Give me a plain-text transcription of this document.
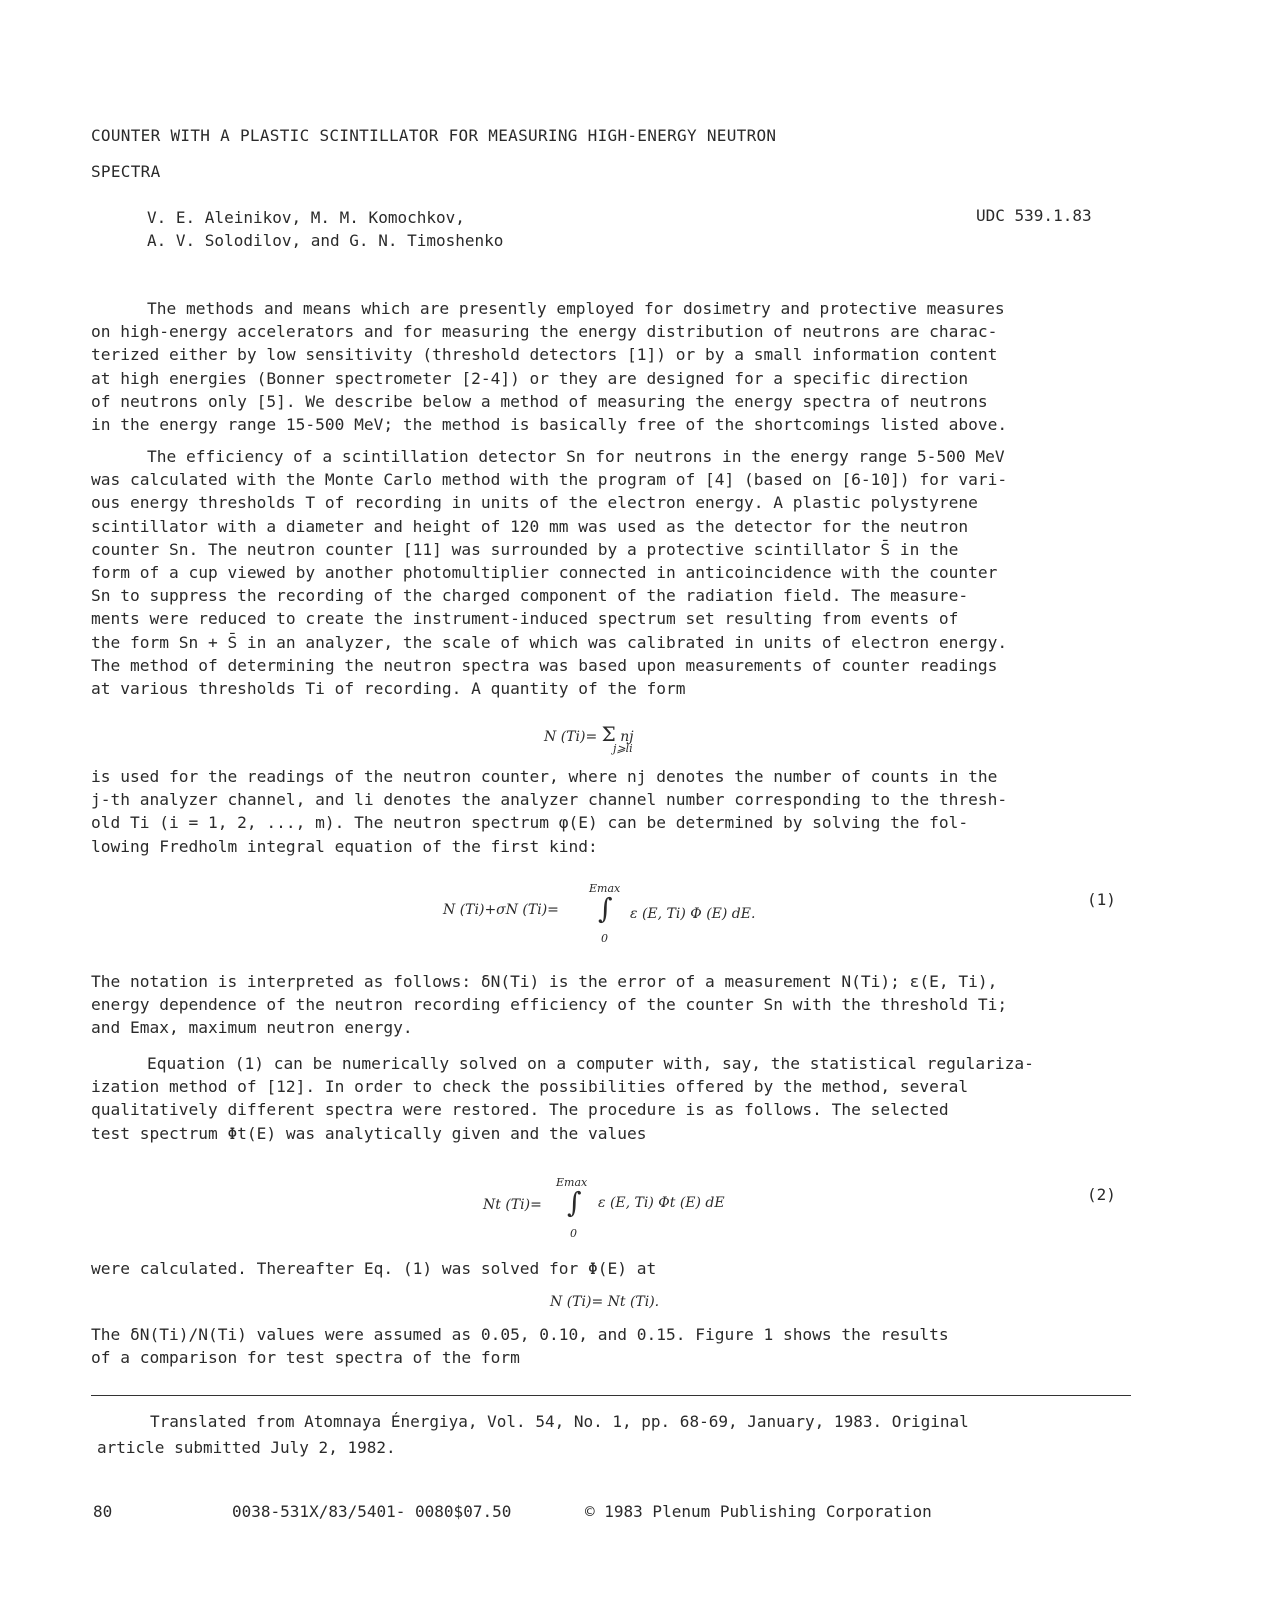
COUNTER WITH A PLASTIC SCINTILLATOR FOR MEASURING HIGH-ENERGY NEUTRON
SPECTRA
V. E. Aleinikov, M. M. Komochkov,
A. V. Solodilov, and G. N. Timoshenko
UDC 539.1.83
The methods and means which are presently employed for dosimetry and protective measures
on high-energy accelerators and for measuring the energy distribution of neutrons are charac-
terized either by low sensitivity (threshold detectors [1]) or by a small information content
at high energies (Bonner spectrometer [2-4]) or they are designed for a specific direction
of neutrons only [5]. We describe below a method of measuring the energy spectra of neutrons
in the energy range 15-500 MeV; the method is basically free of the shortcomings listed above.
The efficiency of a scintillation detector Sn for neutrons in the energy range 5-500 MeV
was calculated with the Monte Carlo method with the program of [4] (based on [6-10]) for vari-
ous energy thresholds T of recording in units of the electron energy. A plastic polystyrene
scintillator with a diameter and height of 120 mm was used as the detector for the neutron
counter Sn. The neutron counter [11] was surrounded by a protective scintillator S̄ in the
form of a cup viewed by another photomultiplier connected in anticoincidence with the counter
Sn to suppress the recording of the charged component of the radiation field. The measure-
ments were reduced to create the instrument-induced spectrum set resulting from events of
the form Sn + S̄ in an analyzer, the scale of which was calibrated in units of electron energy.
The method of determining the neutron spectra was based upon measurements of counter readings
at various thresholds Ti of recording. A quantity of the form
N (Ti)= Σ nj
j⩾li
is used for the readings of the neutron counter, where nj denotes the number of counts in the
j-th analyzer channel, and li denotes the analyzer channel number corresponding to the thresh-
old Ti (i = 1, 2, ..., m). The neutron spectrum φ(E) can be determined by solving the fol-
lowing Fredholm integral equation of the first kind:
Emax
N (Ti)+σN (Ti)= ∫ ε (E, Ti) Φ (E) dE.
0
(1)
The notation is interpreted as follows: δN(Ti) is the error of a measurement N(Ti); ε(E, Ti),
energy dependence of the neutron recording efficiency of the counter Sn with the threshold Ti;
and Emax, maximum neutron energy.
Equation (1) can be numerically solved on a computer with, say, the statistical regulariza-
ization method of [12]. In order to check the possibilities offered by the method, several
qualitatively different spectra were restored. The procedure is as follows. The selected
test spectrum Φt(E) was analytically given and the values
Emax
Nt (Ti)= ∫ ε (E, Ti) Φt (E) dE
0
(2)
were calculated. Thereafter Eq. (1) was solved for Φ(E) at
N (Ti)= Nt (Ti).
The δN(Ti)/N(Ti) values were assumed as 0.05, 0.10, and 0.15. Figure 1 shows the results
of a comparison for test spectra of the form
Translated from Atomnaya Énergiya, Vol. 54, No. 1, pp. 68-69, January, 1983. Original
article submitted July 2, 1982.
80	0038-531X/83/5401- 0080$07.50	© 1983 Plenum Publishing Corporation
